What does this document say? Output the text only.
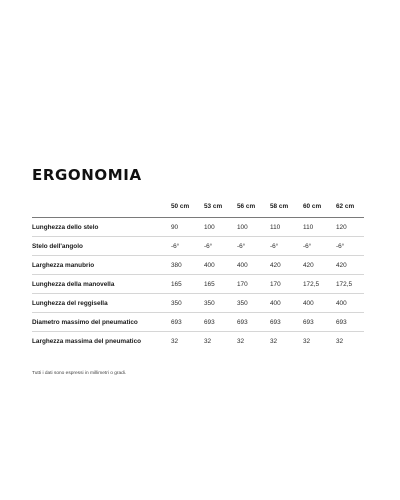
ERGONOMIA
	50 cm	53 cm	56 cm	58 cm	60 cm	62 cm
Lunghezza dello stelo	90	100	100	110	110	120
Stelo dell'angolo	-6°	-6°	-6°	-6°	-6°	-6°
Larghezza manubrio	380	400	400	420	420	420
Lunghezza della manovella	165	165	170	170	172,5	172,5
Lunghezza del reggisella	350	350	350	400	400	400
Diametro massimo del pneumatico	693	693	693	693	693	693
Larghezza massima del pneumatico	32	32	32	32	32	32

Tutti i dati sono espressi in millimetri o gradi.
